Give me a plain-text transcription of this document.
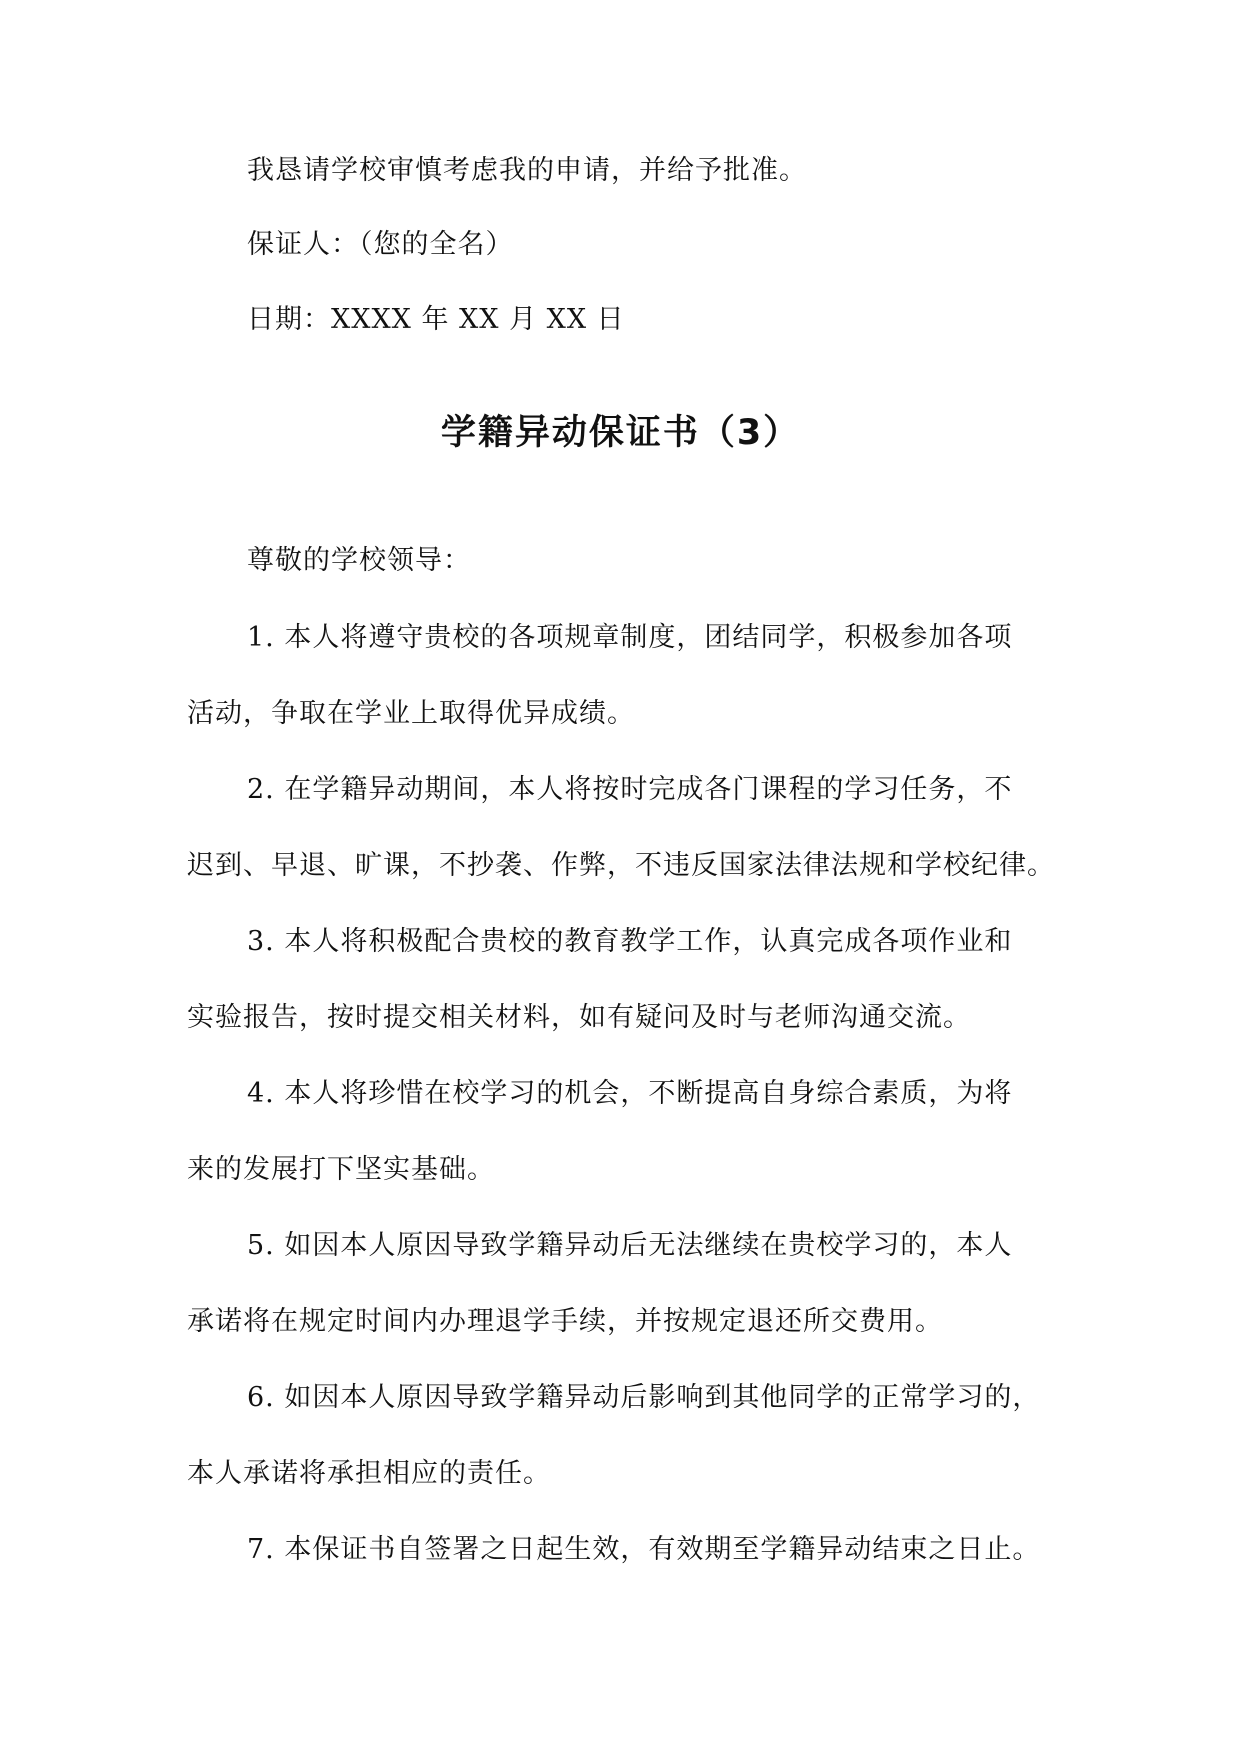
我恳请学校审慎考虑我的申请，并给予批准。
保证人：（您的全名）
日期：XXXX 年 XX 月 XX 日
学籍异动保证书（3）
尊敬的学校领导：
1. 本人将遵守贵校的各项规章制度，团结同学，积极参加各项
活动，争取在学业上取得优异成绩。
2. 在学籍异动期间，本人将按时完成各门课程的学习任务，不
迟到、早退、旷课，不抄袭、作弊，不违反国家法律法规和学校纪律。
3. 本人将积极配合贵校的教育教学工作，认真完成各项作业和
实验报告，按时提交相关材料，如有疑问及时与老师沟通交流。
4. 本人将珍惜在校学习的机会，不断提高自身综合素质，为将
来的发展打下坚实基础。
5. 如因本人原因导致学籍异动后无法继续在贵校学习的，本人
承诺将在规定时间内办理退学手续，并按规定退还所交费用。
6. 如因本人原因导致学籍异动后影响到其他同学的正常学习的，
本人承诺将承担相应的责任。
7. 本保证书自签署之日起生效，有效期至学籍异动结束之日止。
